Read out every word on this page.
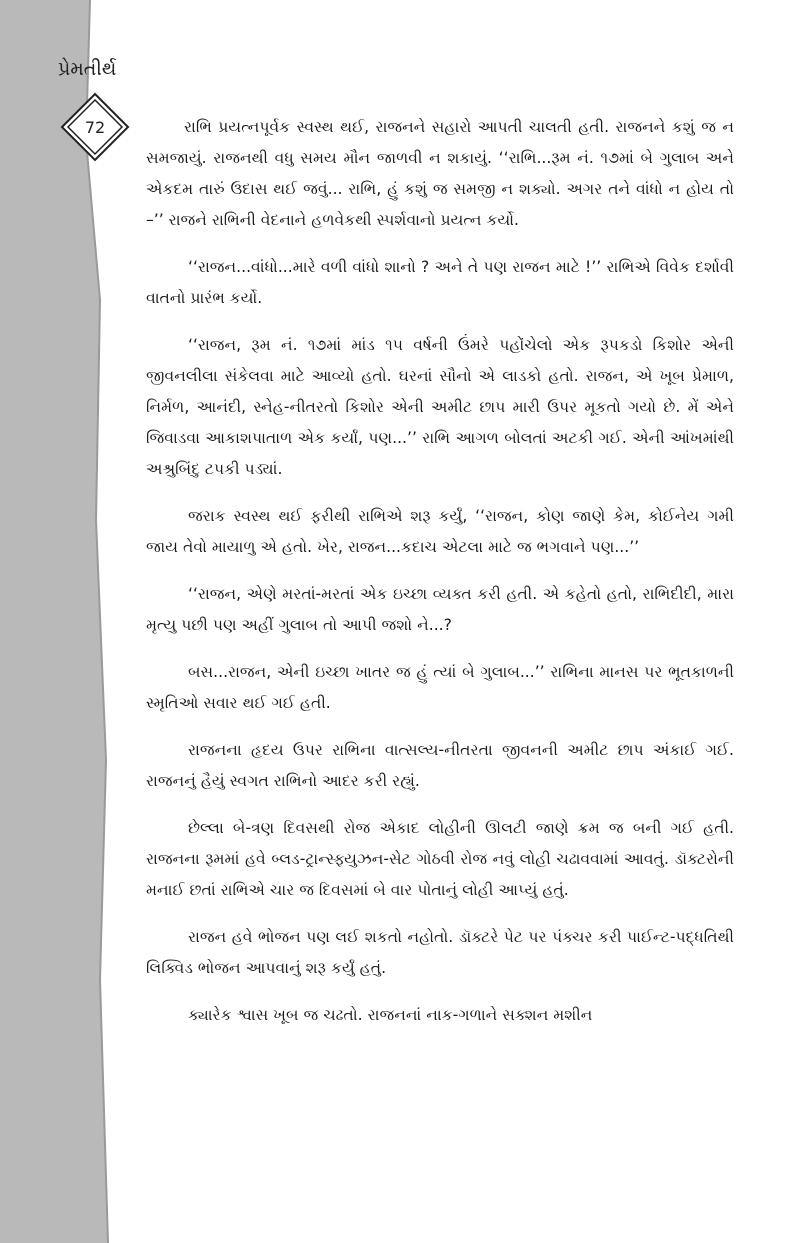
પ્રેમતીર્થ
72	રાભિ પ્રયત્નપૂર્વક સ્વસ્થ થઈ, રાજનને સહારો આપતી ચાલતી હતી. રાજનને કશું જ ન સમજાયું. રાજનથી વધુ સમય મૌન જાળવી ન શકાયું. ‘‘રાભિ...રૂમ નં. ૧૭માં બે ગુલાબ અને એકદમ તારું ઉદાસ થઈ જવું... રાભિ, હું કશું જ સમજી ન શક્યો. અગર તને વાંધો ન હોય તો –’’ રાજને રાભિની વેદનાને હળવેકથી સ્પર્શવાનો પ્રયત્ન કર્યો.

‘‘રાજન...વાંધો...મારે વળી વાંધો શાનો ? અને તે પણ રાજન માટે !’’ રાભિએ વિવેક દર્શાવી વાતનો પ્રારંભ કર્યો.

‘‘રાજન, રૂમ નં. ૧૭માં માંડ ૧૫ વર્ષની ઉંમરે પહોંચેલો એક રૂપકડો કિશોર એની જીવનલીલા સંકેલવા માટે આવ્યો હતો. ઘરનાં સૌનો એ લાડકો હતો. રાજન, એ ખૂબ પ્રેમાળ, નિર્મળ, આનંદી, સ્નેહ-નીતરતો કિશોર એની અમીટ છાપ મારી ઉપર મૂકતો ગયો છે. મેં એને જિવાડવા આકાશપાતાળ એક કર્યાં, પણ...’’ રાભિ આગળ બોલતાં અટકી ગઈ. એની આંખમાંથી અશ્રુબિંદુ ટપકી પડ્યાં.

જરાક સ્વસ્થ થઈ ફરીથી રાભિએ શરૂ કર્યું, ‘‘રાજન, કોણ જાણે કેમ, કોઈનેય ગમી જાય તેવો માયાળુ એ હતો. ખેર, રાજન...કદાચ એટલા માટે જ ભગવાને પણ...’’

‘‘રાજન, એણે મરતાં-મરતાં એક ઇચ્છા વ્યક્ત કરી હતી. એ કહેતો હતો, રાભિદીદી, મારા મૃત્યુ પછી પણ અહીં ગુલાબ તો આપી જશો ને...?

બસ...રાજન, એની ઇચ્છા ખાતર જ હું ત્યાં બે ગુલાબ...’’ રાભિના માનસ પર ભૂતકાળની સ્મૃતિઓ સવાર થઈ ગઈ હતી.

રાજનના હૃદય ઉપર રાભિના વાત્સલ્ય-નીતરતા જીવનની અમીટ છાપ અંકાઈ ગઈ. રાજનનું હૈયું સ્વગત રાભિનો આદર કરી રહ્યું.

છેલ્લા બે-ત્રણ દિવસથી રોજ એકાદ લોહીની ઊલટી જાણે ક્રમ જ બની ગઈ હતી. રાજનના રૂમમાં હવે બ્લડ-ટ્રાન્સ્ફ્યુઝન-સેટ ગોઠવી રોજ નવું લોહી ચઢાવવામાં આવતું. ડૉક્ટરોની મનાઈ છતાં રાભિએ ચાર જ દિવસમાં બે વાર પોતાનું લોહી આપ્યું હતું.

રાજન હવે ભોજન પણ લઈ શકતો નહોતો. ડૉક્ટરે પેટ પર પંક્ચર કરી પાઈન્ટ-પદ્ધતિથી લિક્વિડ ભોજન આપવાનું શરૂ કર્યું હતું.

ક્યારેક શ્વાસ ખૂબ જ ચઢતો. રાજનનાં નાક-ગળાને સક્શન મશીન
